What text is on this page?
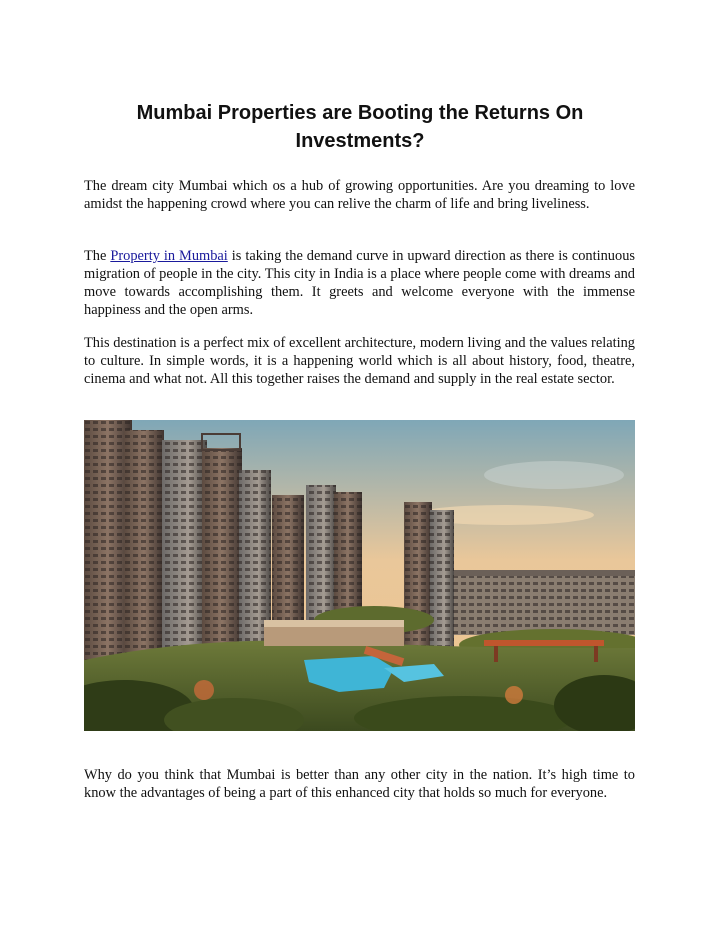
Mumbai Properties are Booting the Returns On Investments?

The dream city Mumbai which os a hub of growing opportunities. Are you dreaming to love amidst the happening crowd where you can relive the charm of life and bring liveliness.

The Property in Mumbai is taking the demand curve in upward direction as there is continuous migration of people in the city. This city in India is a place where people come with dreams and move towards accomplishing them. It greets and welcome everyone with the immense happiness and the open arms.

This destination is a perfect mix of excellent architecture, modern living and the values relating to culture. In simple words, it is a happening world which is all about history, food, theatre, cinema and what not. All this together raises the demand and supply in the real estate sector.

Why do you think that Mumbai is better than any other city in the nation. It’s high time to know the advantages of being a part of this enhanced city that holds so much for everyone.
